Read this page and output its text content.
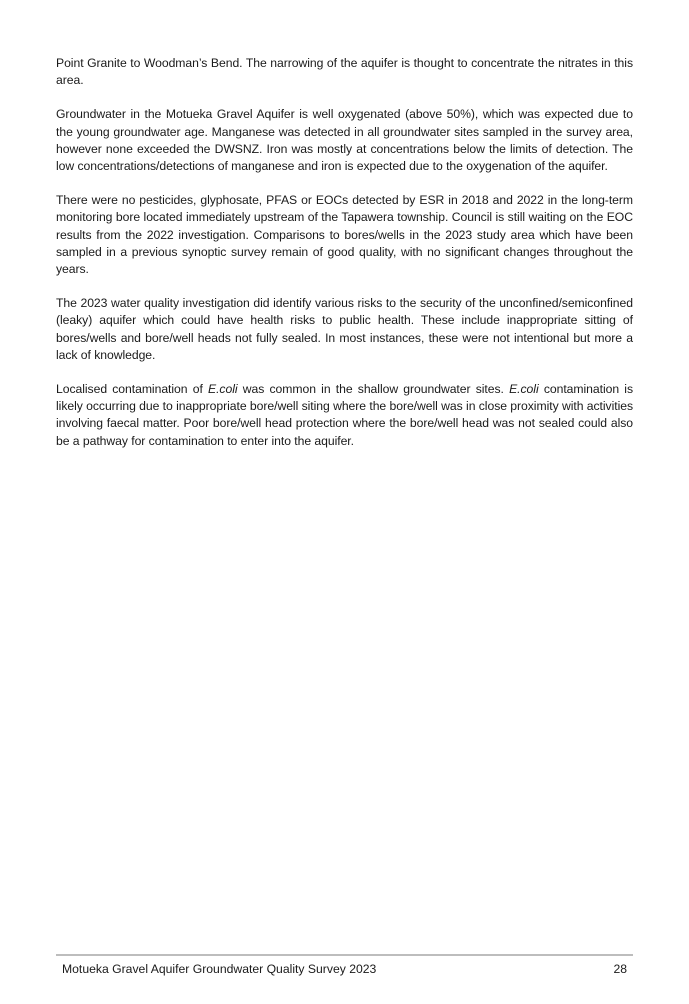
Point Granite to Woodman’s Bend. The narrowing of the aquifer is thought to concentrate the nitrates in this area.

Groundwater in the Motueka Gravel Aquifer is well oxygenated (above 50%), which was expected due to the young groundwater age. Manganese was detected in all groundwater sites sampled in the survey area, however none exceeded the DWSNZ. Iron was mostly at concentrations below the limits of detection. The low concentrations/detections of manganese and iron is expected due to the oxygenation of the aquifer.

There were no pesticides, glyphosate, PFAS or EOCs detected by ESR in 2018 and 2022 in the long-term monitoring bore located immediately upstream of the Tapawera township. Council is still waiting on the EOC results from the 2022 investigation. Comparisons to bores/wells in the 2023 study area which have been sampled in a previous synoptic survey remain of good quality, with no significant changes throughout the years.

The 2023 water quality investigation did identify various risks to the security of the unconfined/semiconfined (leaky) aquifer which could have health risks to public health. These include inappropriate sitting of bores/wells and bore/well heads not fully sealed. In most instances, these were not intentional but more a lack of knowledge.

Localised contamination of E.coli was common in the shallow groundwater sites. E.coli contamination is likely occurring due to inappropriate bore/well siting where the bore/well was in close proximity with activities involving faecal matter. Poor bore/well head protection where the bore/well head was not sealed could also be a pathway for contamination to enter into the aquifer.

Motueka Gravel Aquifer Groundwater Quality Survey 2023	28
